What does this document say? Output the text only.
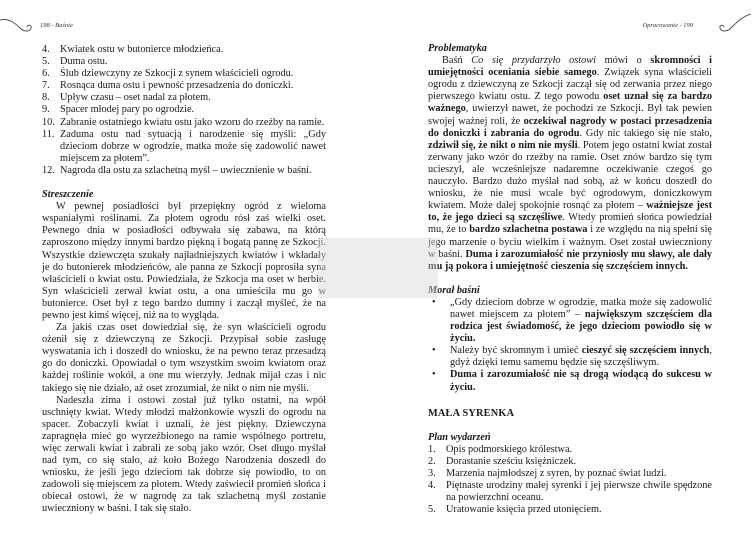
198 - Baśnie
4. Kwiatek ostu w butonierce młodzieńca.
5. Duma ostu.
6. Ślub dziewczyny ze Szkocji z synem właścicieli ogrodu.
7. Rosnąca duma ostu i pewność przesadzenia do doniczki.
8. Upływ czasu – oset nadal za płotem.
9. Spacer młodej pary po ogrodzie.
10. Zabranie ostatniego kwiatu ostu jako wzoru do rzeźby na ramie.
11. Zaduma ostu nad sytuacją i narodzenie się myśli: „Gdy dzieciom dobrze w ogrodzie, matka może się zadowolić nawet miejscem za płotem”.
12. Nagroda dla ostu za szlachetną myśl – uwiecznienie w baśni.
Streszczenie

W pewnej posiadłości był przepiękny ogród z wieloma wspaniałymi roślinami. Za płotem ogrodu rósł zaś wielki oset. Pewnego dnia w posiadłości odbywała się zabawa, na którą zaproszono między innymi bardzo piękną i bogatą pannę ze Szkocji. Wszystkie dziewczęta szukały najładniejszych kwiatów i wkładały je do butonierek młodzieńców, ale panna ze Szkocji poprosiła syna właścicieli o kwiat ostu. Powiedziała, że Szkocja ma oset w herbie. Syn właścicieli zerwał kwiat ostu, a ona umieściła mu go w butonierce. Oset był z tego bardzo dumny i zaczął myśleć, że na pewno jest kimś więcej, niż na to wygląda.

Za jakiś czas oset dowiedział się, że syn właścicieli ogrodu ożenił się z dziewczyną ze Szkocji. Przypisał sobie zasługę wyswatania ich i doszedł do wniosku, że na pewno teraz przesadzą go do doniczki. Opowiadał o tym wszystkim swoim kwiatom oraz każdej roślinie wokół, a one mu wierzyły. Jednak mijał czas i nic takiego się nie działo, aż oset zrozumiał, że nikt o nim nie myśli.

Nadeszła zima i ostowi został już tylko ostatni, na wpół uschnięty kwiat. Wtedy młodzi małżonkowie wyszli do ogrodu na spacer. Zobaczyli kwiat i uznali, że jest piękny. Dziewczyna zapragnęła mieć go wyrzeźbionego na ramie wspólnego portretu, więc zerwali kwiat i zabrali ze sobą jako wzór. Oset długo myślał nad tym, co się stało, aż koło Bożego Narodzenia doszedł do wniosku, że jeśli jego dzieciom tak dobrze się powiodło, to on zadowoli się miejscem za płotem. Wtedy zaświecił promień słońca i obiecał ostowi, że w nagrodę za tak szlachetną myśl zostanie uwieczniony w baśni. I tak się stało.

Opracowanie - 199
Problematyka

Baśń Co się przydarzyło ostowi mówi o skromności i umiejętności oceniania siebie samego. Związek syna właścicieli ogrodu z dziewczyną ze Szkocji zaczął się od zerwania przez niego pierwszego kwiatu ostu. Z tego powodu oset uznał się za bardzo ważnego, uwierzył nawet, że pochodzi ze Szkocji. Był tak pewien swojej ważnej roli, że oczekiwał nagrody w postaci przesadzenia do doniczki i zabrania do ogrodu. Gdy nic takiego się nie stało, zdziwił się, że nikt o nim nie myśli. Potem jego ostatni kwiat został zerwany jako wzór do rzeźby na ramie. Oset znów bardzo się tym ucieszył, ale wcześniejsze nadaremne oczekiwanie czegoś go nauczyło. Bardzo dużo myślał nad sobą, aż w końcu doszedł do wniosku, że nie musi wcale być ogrodowym, doniczkowym kwiatem. Może dalej spokojnie rosnąć za płotem – ważniejsze jest to, że jego dzieci są szczęśliwe. Wtedy promień słońca powiedział mu, że to bardzo szlachetna postawa i ze względu na nią spełni się jego marzenie o byciu wielkim i ważnym. Oset został uwieczniony w baśni. Duma i zarozumiałość nie przyniosły mu sławy, ale dały mu ją pokora i umiejętność cieszenia się szczęściem innych.

Morał baśni
•	„Gdy dzieciom dobrze w ogrodzie, matka może się zadowolić nawet miejscem za płotem” – największym szczęściem dla rodzica jest świadomość, że jego dzieciom powiodło się w życiu.
•	Należy być skromnym i umieć cieszyć się szczęściem innych, gdyż dzięki temu samemu będzie się szczęśliwym.
•	Duma i zarozumiałość nie są drogą wiodącą do sukcesu w życiu.
MAŁA SYRENKA
Plan wydarzeń
1. Opis podmorskiego królestwa.
2. Dorastanie sześciu księżniczek.
3. Marzenia najmłodszej z syren, by poznać świat ludzi.
4. Piętnaste urodziny małej syrenki i jej pierwsze chwile spędzone na powierzchni oceanu.
5. Uratowanie księcia przed utonięciem.
